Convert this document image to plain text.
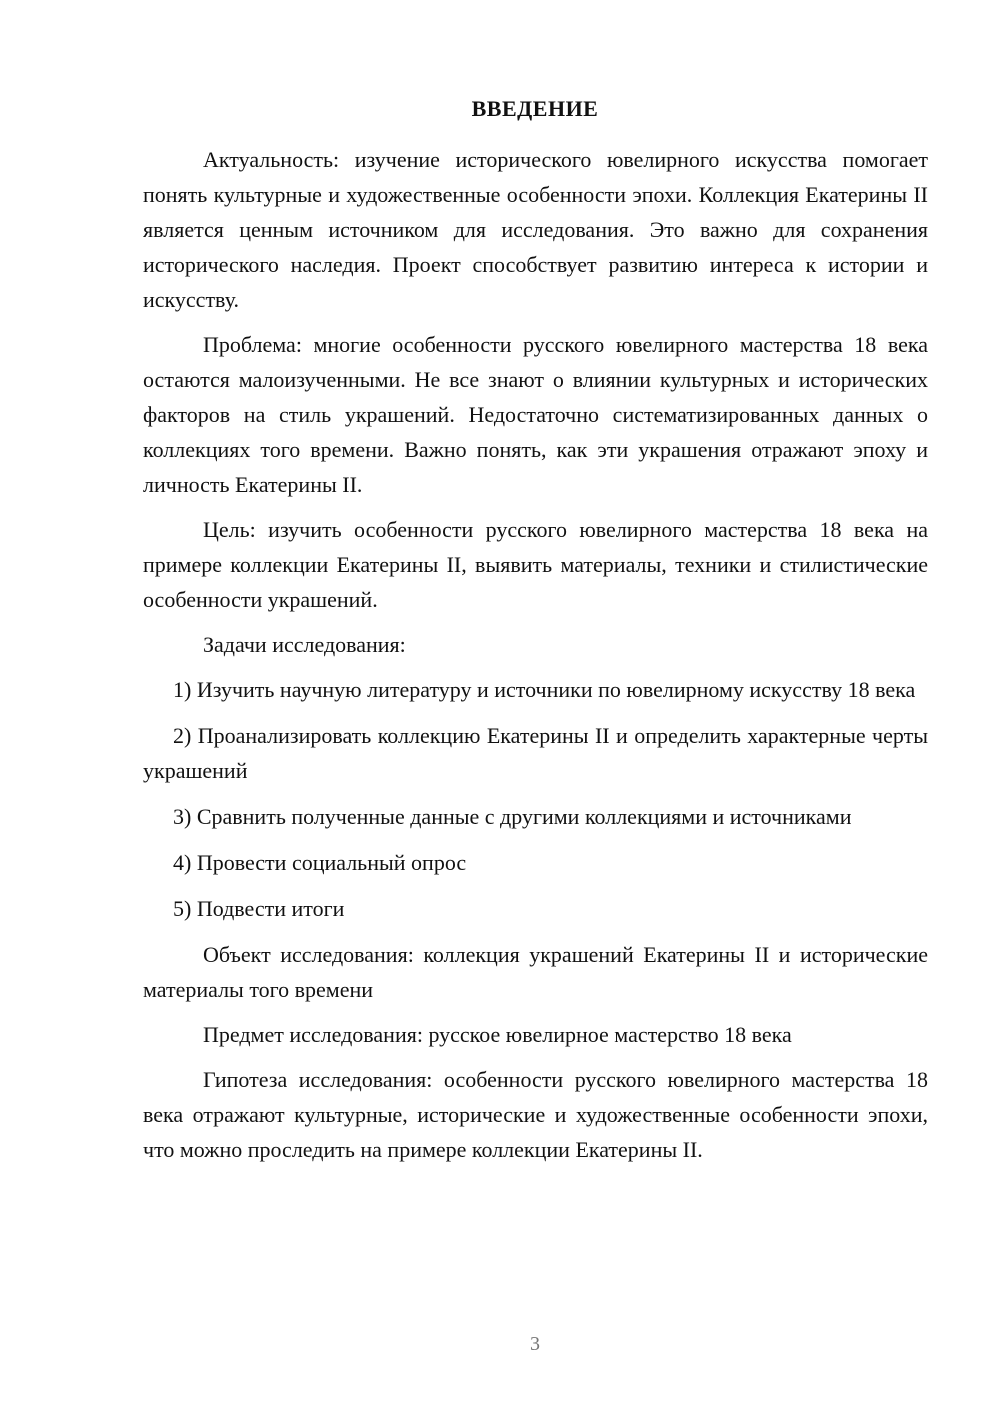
ВВЕДЕНИЕ

Актуальность: изучение исторического ювелирного искусства помогает понять культурные и художественные особенности эпохи. Коллекция Екатерины II является ценным источником для исследования. Это важно для сохранения исторического наследия. Проект способствует развитию интереса к истории и искусству.

Проблема: многие особенности русского ювелирного мастерства 18 века остаются малоизученными. Не все знают о влиянии культурных и исторических факторов на стиль украшений. Недостаточно систематизированных данных о коллекциях того времени. Важно понять, как эти украшения отражают эпоху и личность Екатерины II.

Цель: изучить особенности русского ювелирного мастерства 18 века на примере коллекции Екатерины II, выявить материалы, техники и стилистические особенности украшений.

Задачи исследования:

1) Изучить научную литературу и источники по ювелирному искусству 18 века

2) Проанализировать коллекцию Екатерины II и определить характерные черты украшений

3) Сравнить полученные данные с другими коллекциями и источниками

4) Провести социальный опрос

5) Подвести итоги

Объект исследования: коллекция украшений Екатерины II и исторические материалы того времени

Предмет исследования: русское ювелирное мастерство 18 века

Гипотеза исследования: особенности русского ювелирного мастерства 18 века отражают культурные, исторические и художественные особенности эпохи, что можно проследить на примере коллекции Екатерины II.

3
